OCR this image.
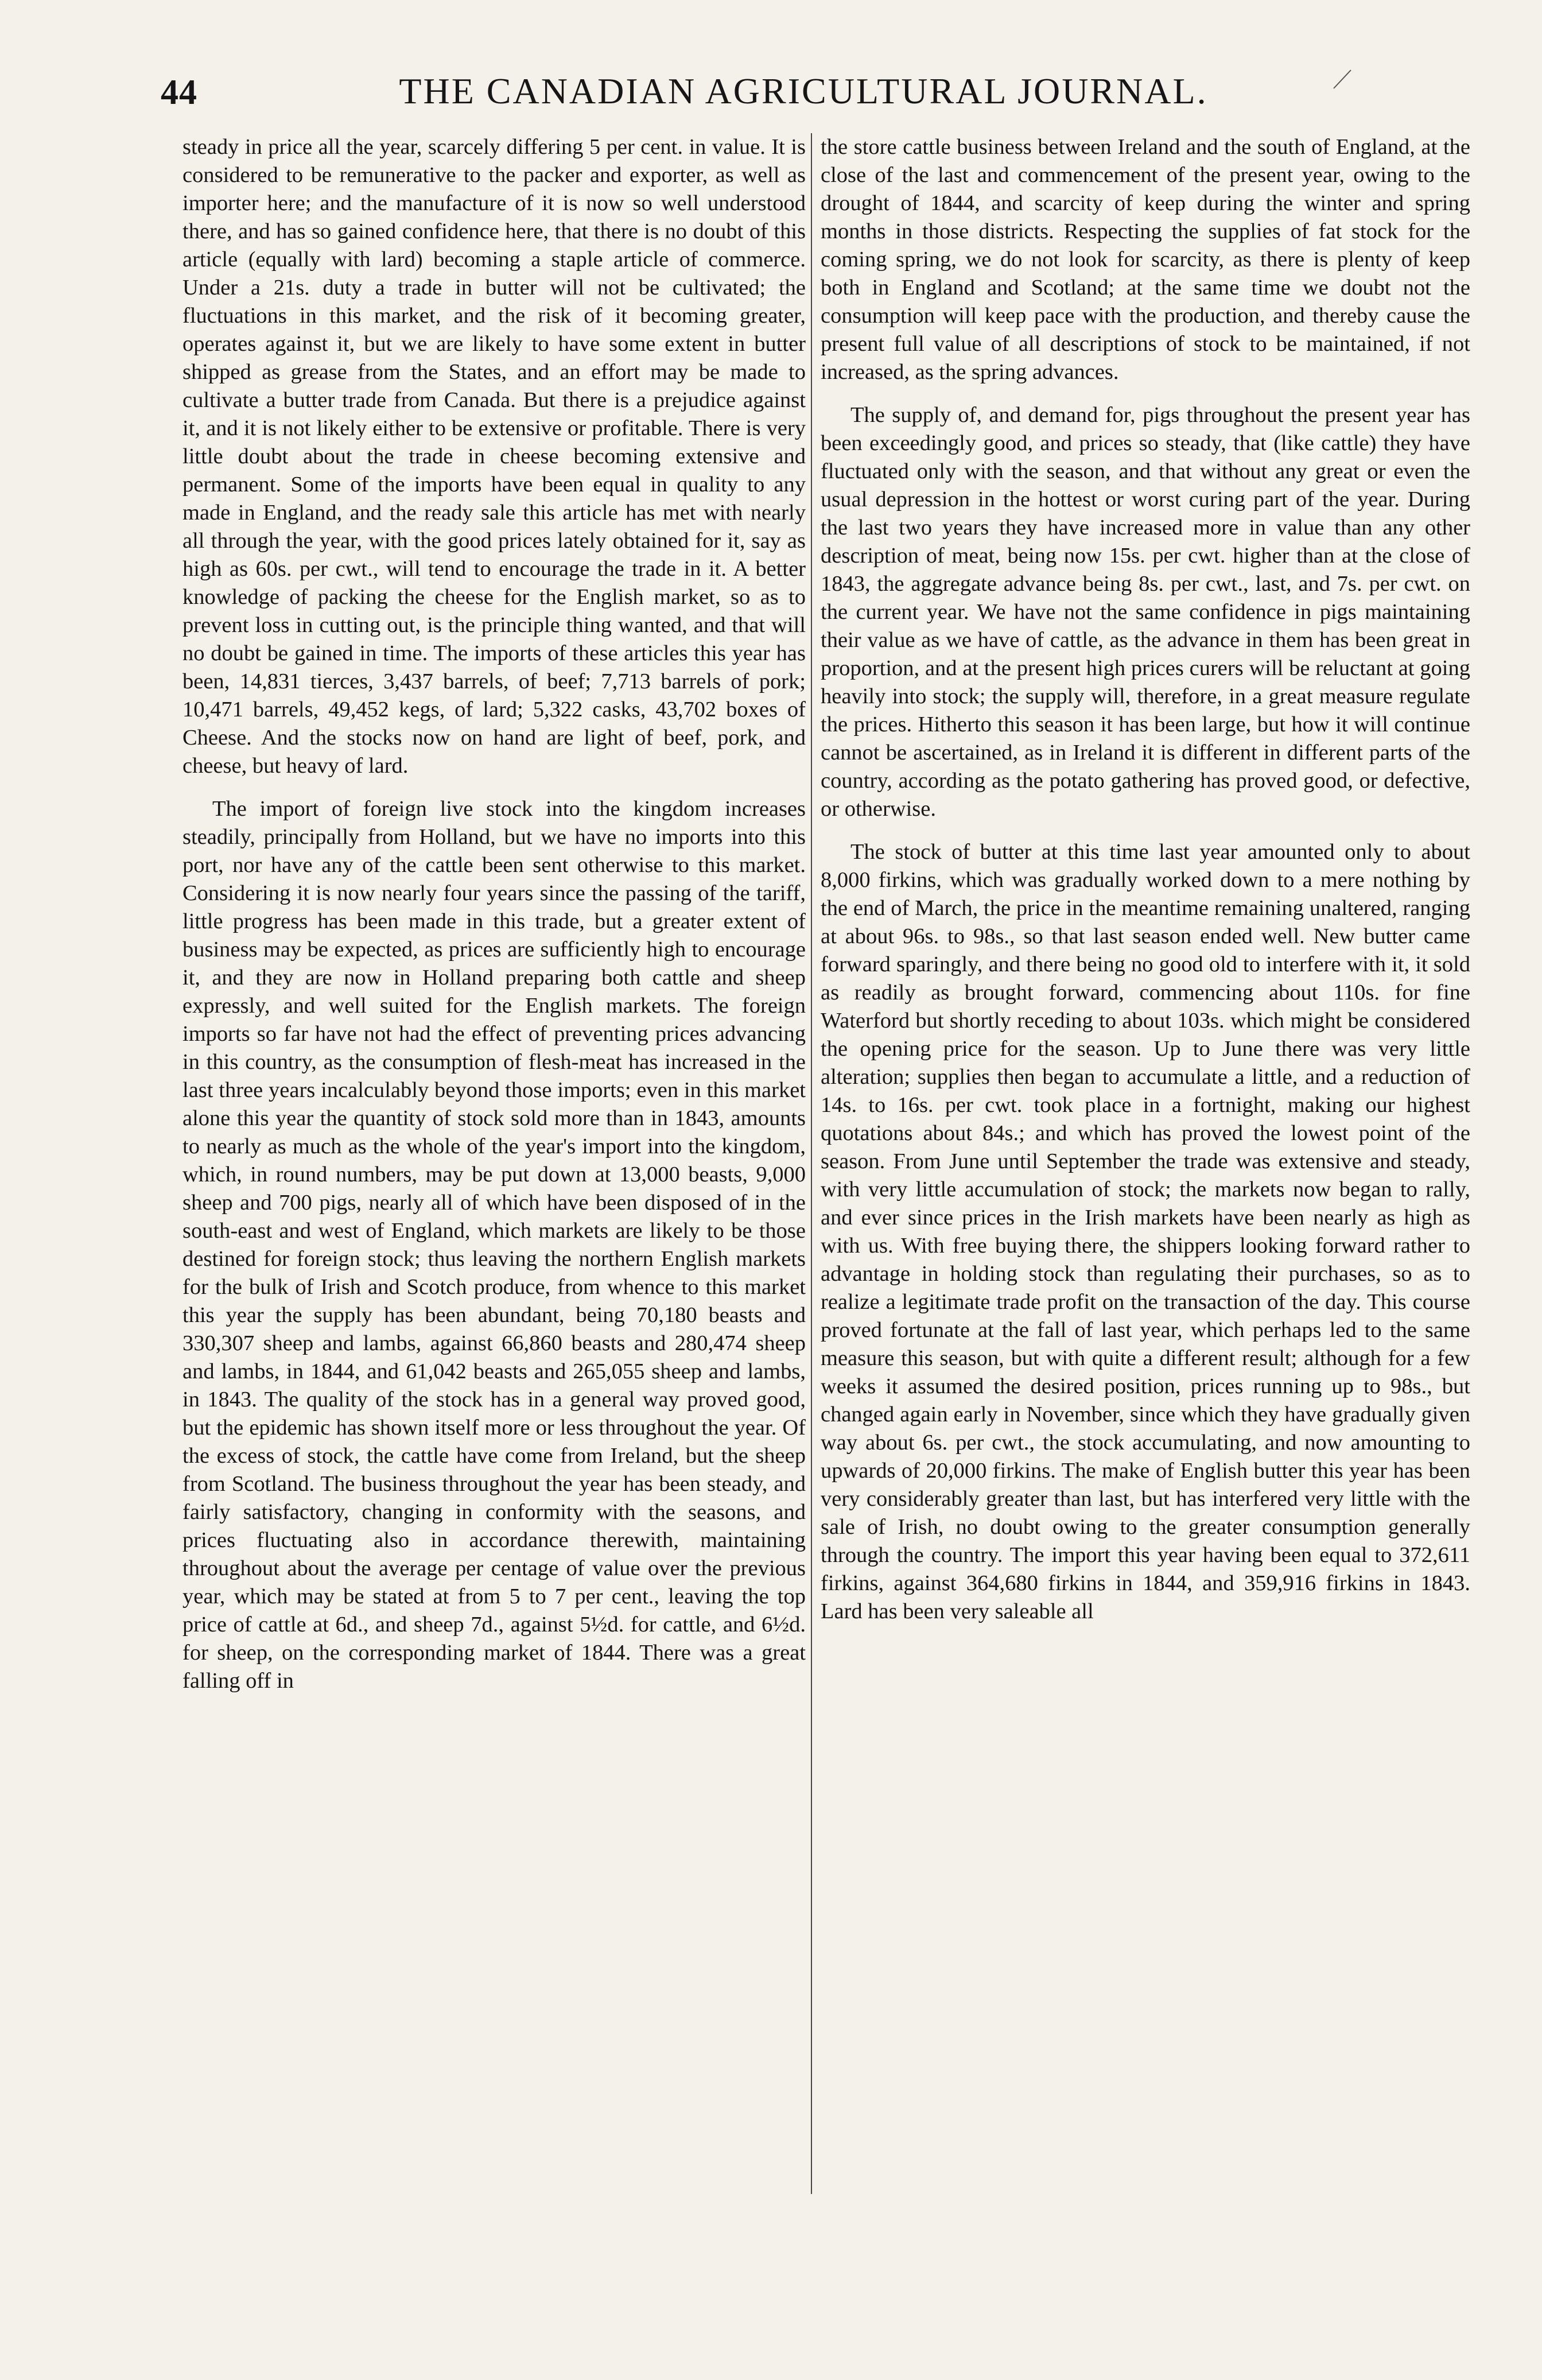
44	THE CANADIAN AGRICULTURAL JOURNAL.

steady in price all the year, scarcely differing 5 per cent. in value. It is considered to be remunerative to the packer and exporter, as well as importer here; and the manufacture of it is now so well understood there, and has so gained confidence here, that there is no doubt of this article (equally with lard) becoming a staple article of commerce. Under a 21s. duty a trade in butter will not be cultivated; the fluctuations in this market, and the risk of it becoming greater, operates against it, but we are likely to have some extent in butter shipped as grease from the States, and an effort may be made to cultivate a butter trade from Canada. But there is a prejudice against it, and it is not likely either to be extensive or profitable. There is very little doubt about the trade in cheese becoming extensive and permanent. Some of the imports have been equal in quality to any made in England, and the ready sale this article has met with nearly all through the year, with the good prices lately obtained for it, say as high as 60s. per cwt., will tend to encourage the trade in it. A better knowledge of packing the cheese for the English market, so as to prevent loss in cutting out, is the principle thing wanted, and that will no doubt be gained in time. The imports of these articles this year has been, 14,831 tierces, 3,437 barrels, of beef; 7,713 barrels of pork; 10,471 barrels, 49,452 kegs, of lard; 5,322 casks, 43,702 boxes of Cheese. And the stocks now on hand are light of beef, pork, and cheese, but heavy of lard.

The import of foreign live stock into the kingdom increases steadily, principally from Holland, but we have no imports into this port, nor have any of the cattle been sent otherwise to this market. Considering it is now nearly four years since the passing of the tariff, little progress has been made in this trade, but a greater extent of business may be expected, as prices are sufficiently high to encourage it, and they are now in Holland preparing both cattle and sheep expressly, and well suited for the English markets. The foreign imports so far have not had the effect of preventing prices advancing in this country, as the consumption of flesh-meat has increased in the last three years incalculably beyond those imports; even in this market alone this year the quantity of stock sold more than in 1843, amounts to nearly as much as the whole of the year's import into the kingdom, which, in round numbers, may be put down at 13,000 beasts, 9,000 sheep and 700 pigs, nearly all of which have been disposed of in the south-east and west of England, which markets are likely to be those destined for foreign stock; thus leaving the northern English markets for the bulk of Irish and Scotch produce, from whence to this market this year the supply has been abundant, being 70,180 beasts and 330,307 sheep and lambs, against 66,860 beasts and 280,474 sheep and lambs, in 1844, and 61,042 beasts and 265,055 sheep and lambs, in 1843. The quality of the stock has in a general way proved good, but the epidemic has shown itself more or less throughout the year. Of the excess of stock, the cattle have come from Ireland, but the sheep from Scotland. The business throughout the year has been steady, and fairly satisfactory, changing in conformity with the seasons, and prices fluctuating also in accordance therewith, maintaining throughout about the average per centage of value over the previous year, which may be stated at from 5 to 7 per cent., leaving the top price of cattle at 6d., and sheep 7d., against 5½d. for cattle, and 6½d. for sheep, on the corresponding market of 1844. There was a great falling off in

the store cattle business between Ireland and the south of England, at the close of the last and commencement of the present year, owing to the drought of 1844, and scarcity of keep during the winter and spring months in those districts. Respecting the supplies of fat stock for the coming spring, we do not look for scarcity, as there is plenty of keep both in England and Scotland; at the same time we doubt not the consumption will keep pace with the production, and thereby cause the present full value of all descriptions of stock to be maintained, if not increased, as the spring advances.

The supply of, and demand for, pigs throughout the present year has been exceedingly good, and prices so steady, that (like cattle) they have fluctuated only with the season, and that without any great or even the usual depression in the hottest or worst curing part of the year. During the last two years they have increased more in value than any other description of meat, being now 15s. per cwt. higher than at the close of 1843, the aggregate advance being 8s. per cwt., last, and 7s. per cwt. on the current year. We have not the same confidence in pigs maintaining their value as we have of cattle, as the advance in them has been great in proportion, and at the present high prices curers will be reluctant at going heavily into stock; the supply will, therefore, in a great measure regulate the prices. Hitherto this season it has been large, but how it will continue cannot be ascertained, as in Ireland it is different in different parts of the country, according as the potato gathering has proved good, or defective, or otherwise.

The stock of butter at this time last year amounted only to about 8,000 firkins, which was gradually worked down to a mere nothing by the end of March, the price in the meantime remaining unaltered, ranging at about 96s. to 98s., so that last season ended well. New butter came forward sparingly, and there being no good old to interfere with it, it sold as readily as brought forward, commencing about 110s. for fine Waterford but shortly receding to about 103s. which might be considered the opening price for the season. Up to June there was very little alteration; supplies then began to accumulate a little, and a reduction of 14s. to 16s. per cwt. took place in a fortnight, making our highest quotations about 84s.; and which has proved the lowest point of the season. From June until September the trade was extensive and steady, with very little accumulation of stock; the markets now began to rally, and ever since prices in the Irish markets have been nearly as high as with us. With free buying there, the shippers looking forward rather to advantage in holding stock than regulating their purchases, so as to realize a legitimate trade profit on the transaction of the day. This course proved fortunate at the fall of last year, which perhaps led to the same measure this season, but with quite a different result; although for a few weeks it assumed the desired position, prices running up to 98s., but changed again early in November, since which they have gradually given way about 6s. per cwt., the stock accumulating, and now amounting to upwards of 20,000 firkins. The make of English butter this year has been very considerably greater than last, but has interfered very little with the sale of Irish, no doubt owing to the greater consumption generally through the country. The import this year having been equal to 372,611 firkins, against 364,680 firkins in 1844, and 359,916 firkins in 1843. Lard has been very saleable all
